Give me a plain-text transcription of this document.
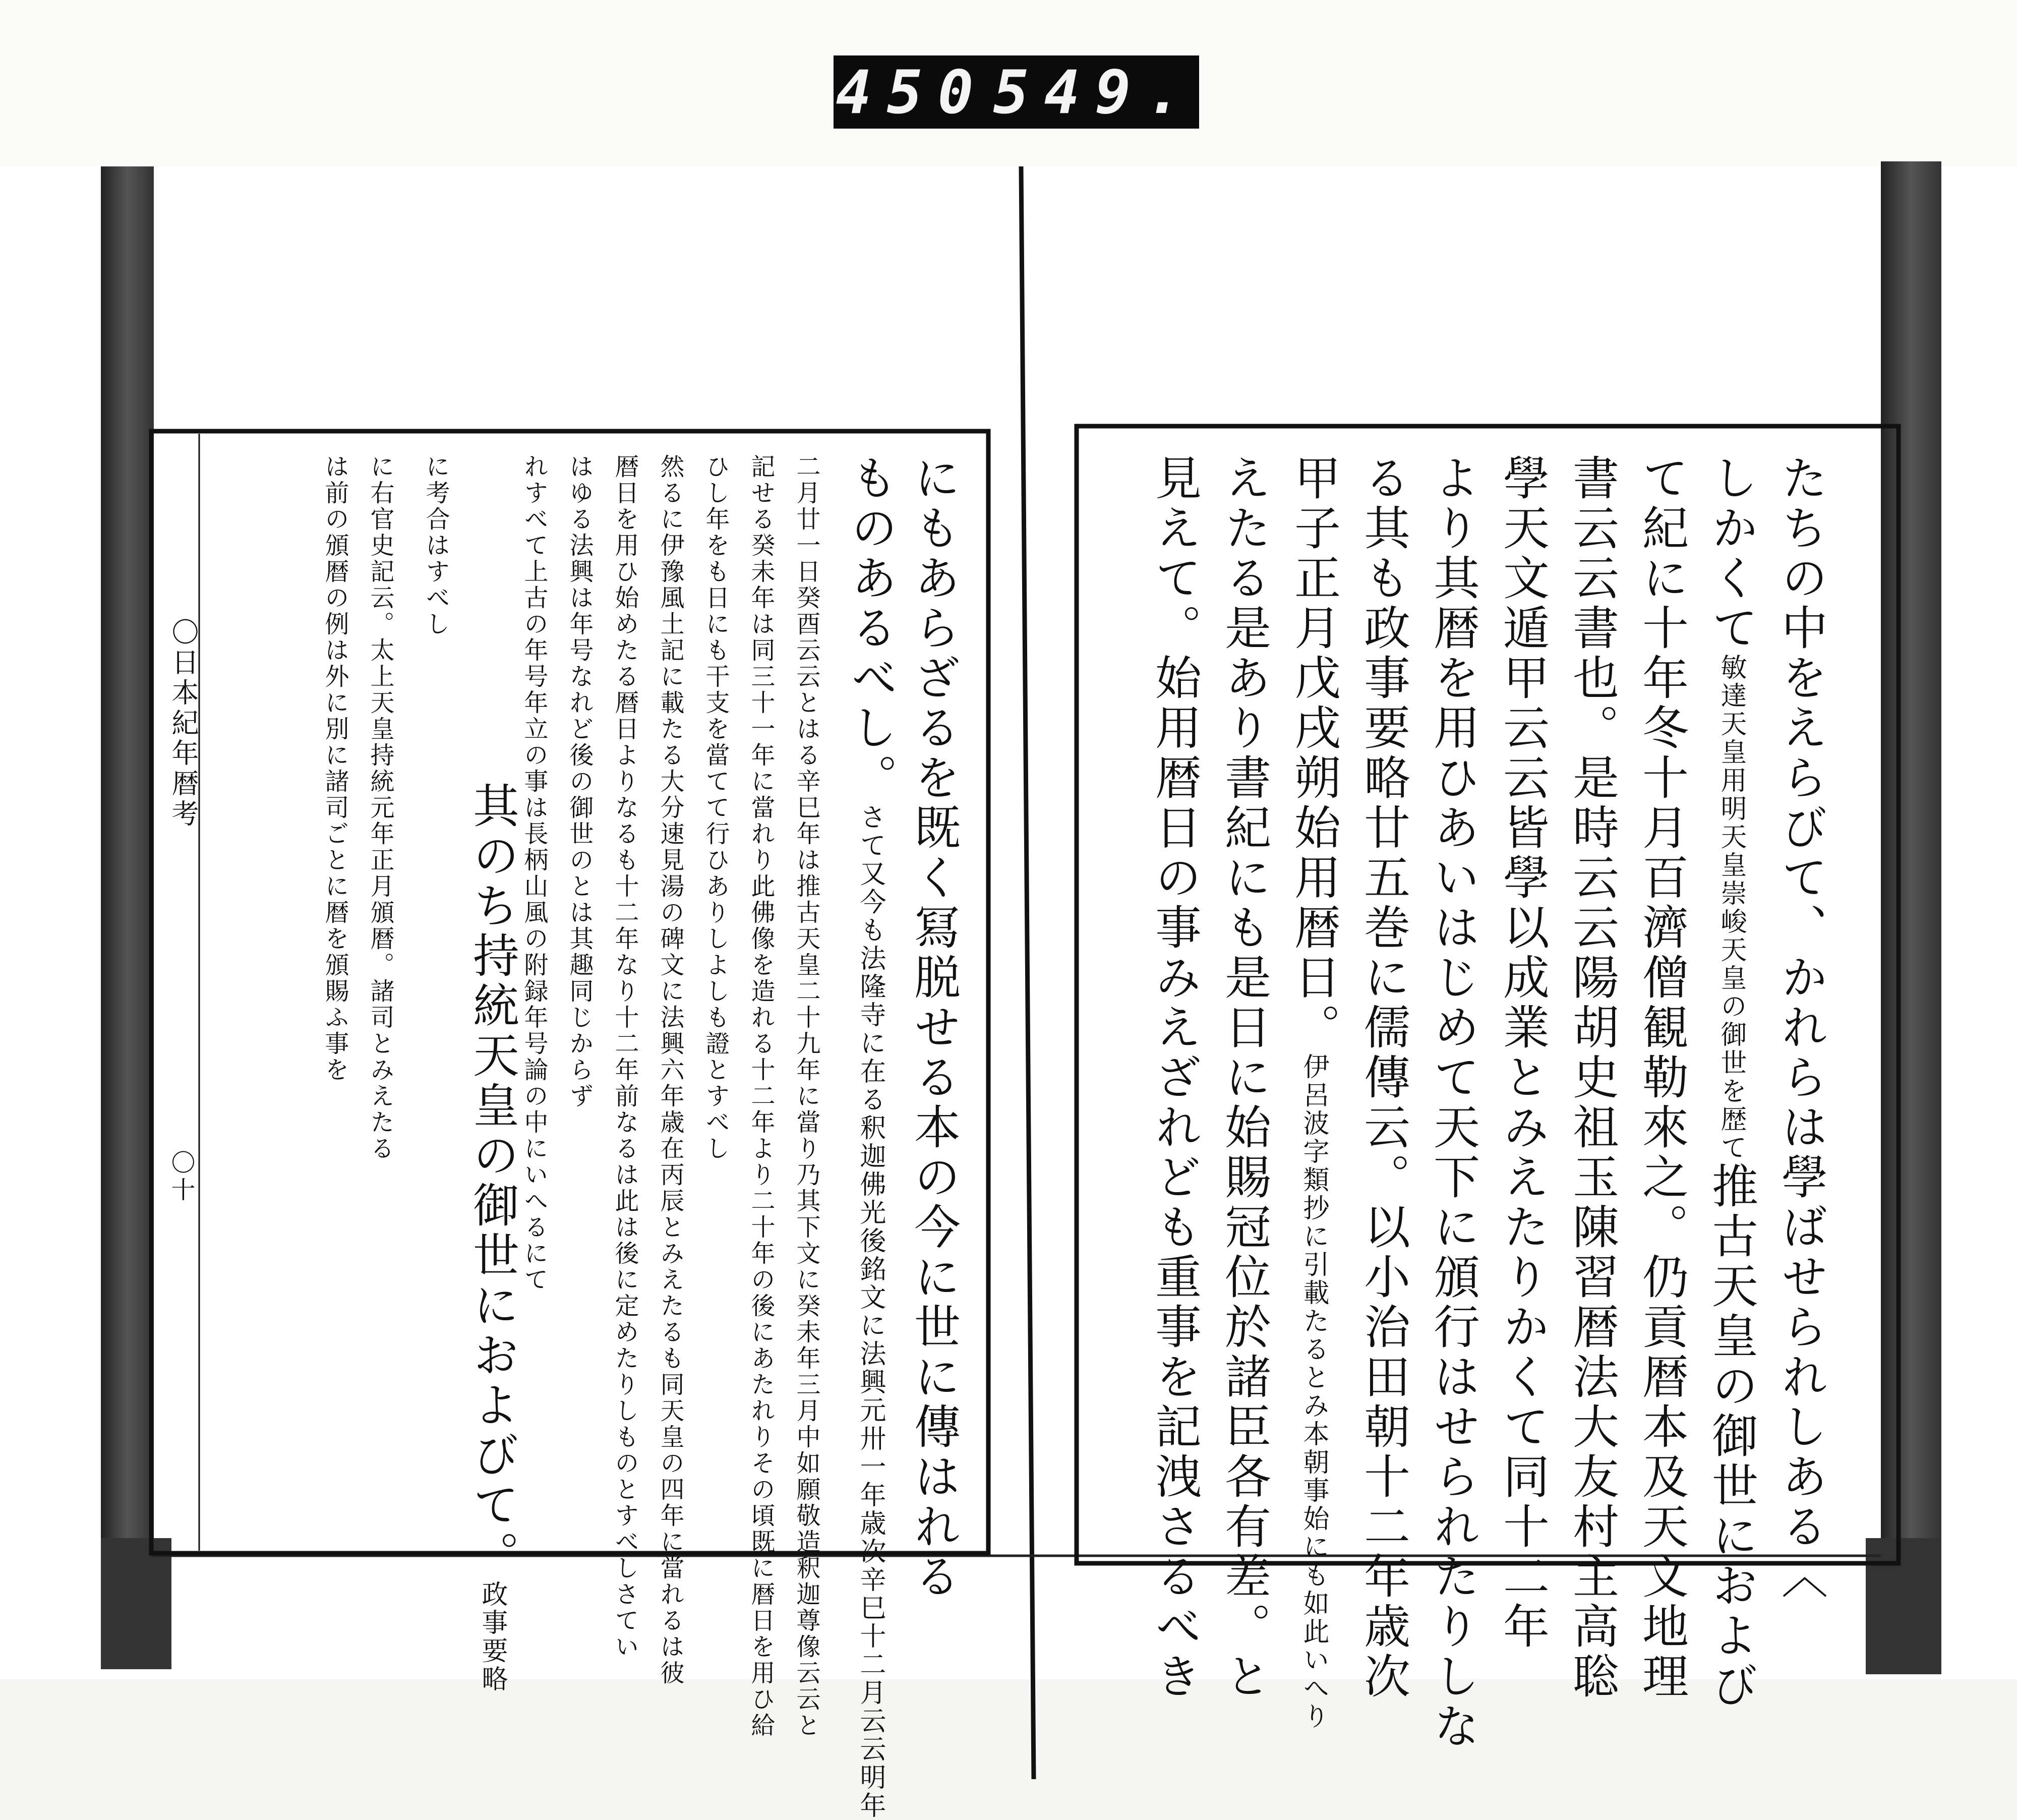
450 549.
〇日本紀年暦考
〇十	たちの中をえらびて、かれらは學ばせられしある〈
しかくて敏達天皇用明天皇崇峻天皇の御世を歴て推古天皇の御世におよび
て紀に十年冬十月百濟僧観勒來之。仍貢暦本及天文地理
書云云書也。是時云云陽胡史祖玉陳習暦法大友村主高聡
學天文遁甲云云皆學以成業とみえたりかくて同十二年
より其暦を用ひあいはじめて天下に頒行はせられたりしな
る其も政事要略廿五巻に儒傳云。以小治田朝十二年歳次
甲子正月戊戌朔始用暦日。伊呂波字類抄に引載たるとみ本朝事始にも如此いへり
えたる是あり書紀にも是日に始賜冠位於諸臣各有差。と
見えて。始用暦日の事みえざれども重事を記洩さるべき
にもあらざるを既く冩脱せる本の今に世に傳はれる
ものあるべし。さて又今も法隆寺に在る釈迦佛光後銘文に法興元卅一年歳次辛巳十二月云云明年
二月廿一日癸酉云云とはる辛巳年は推古天皇二十九年に當り乃其下文に癸未年三月中如願敬造釈迦尊像云云と
記せる癸未年は同三十一年に當れり此佛像を造れる十二年より二十年の後にあたれりその頃既に暦日を用ひ給
ひし年をも日にも干支を當てて行ひありしよしも證とすべし
然るに伊豫風土記に載たる大分速見湯の碑文に法興六年歳在丙辰とみえたるも同天皇の四年に當れるは彼
暦日を用ひ始めたる暦日よりなるも十二年なり十二年前なるは此は後に定めたりしものとすべしさてい
はゆる法興は年号なれど後の御世のとは其趣同じからず
れすべて上古の年号年立の事は長柄山風の附録年号論の中にいへるにて
其のち持統天皇の御世におよびて。政事要略
に考合はすべし
に右官史記云。太上天皇持統元年正月頒暦。諸司とみえたる
は前の頒暦の例は外に別に諸司ごとに暦を頒賜ふ事を
